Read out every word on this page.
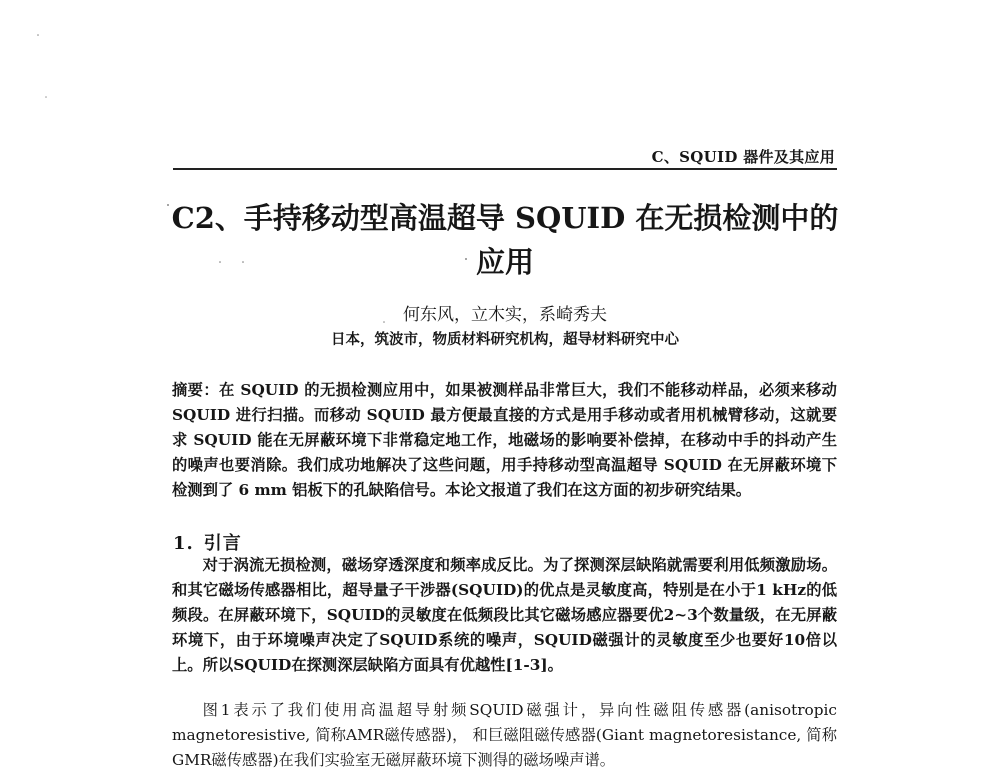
C、SQUID 器件及其应用
C2、手持移动型高温超导 SQUID 在无损检测中的应用
何东风，立木实，系崎秀夫
日本，筑波市，物质材料研究机构，超导材料研究中心

摘要：在 SQUID 的无损检测应用中，如果被测样品非常巨大，我们不能移动样品，必须来移动 SQUID 进行扫描。而移动 SQUID 最方便最直接的方式是用手移动或者用机械臂移动，这就要求 SQUID 能在无屏蔽环境下非常稳定地工作，地磁场的影响要补偿掉，在移动中手的抖动产生的噪声也要消除。我们成功地解决了这些问题，用手持移动型高温超导 SQUID 在无屏蔽环境下检测到了 6 mm 铝板下的孔缺陷信号。本论文报道了我们在这方面的初步研究结果。

1. 引言

对于涡流无损检测，磁场穿透深度和频率成反比。为了探测深层缺陷就需要利用低频激励场。和其它磁场传感器相比，超导量子干涉器(SQUID)的优点是灵敏度高，特别是在小于1 kHz的低频段。在屏蔽环境下，SQUID的灵敏度在低频段比其它磁场感应器要优2~3个数量级，在无屏蔽环境下，由于环境噪声决定了SQUID系统的噪声，SQUID磁强计的灵敏度至少也要好10倍以上。所以SQUID在探测深层缺陷方面具有优越性[1-3]。

图1表示了我们使用高温超导射频SQUID磁强计，异向性磁阻传感器(anisotropic magnetoresistive, 简称AMR磁传感器)， 和巨磁阻磁传感器(Giant magnetoresistance, 简称GMR磁传感器)在我们实验室无磁屏蔽环境下测得的磁场噪声谱。
